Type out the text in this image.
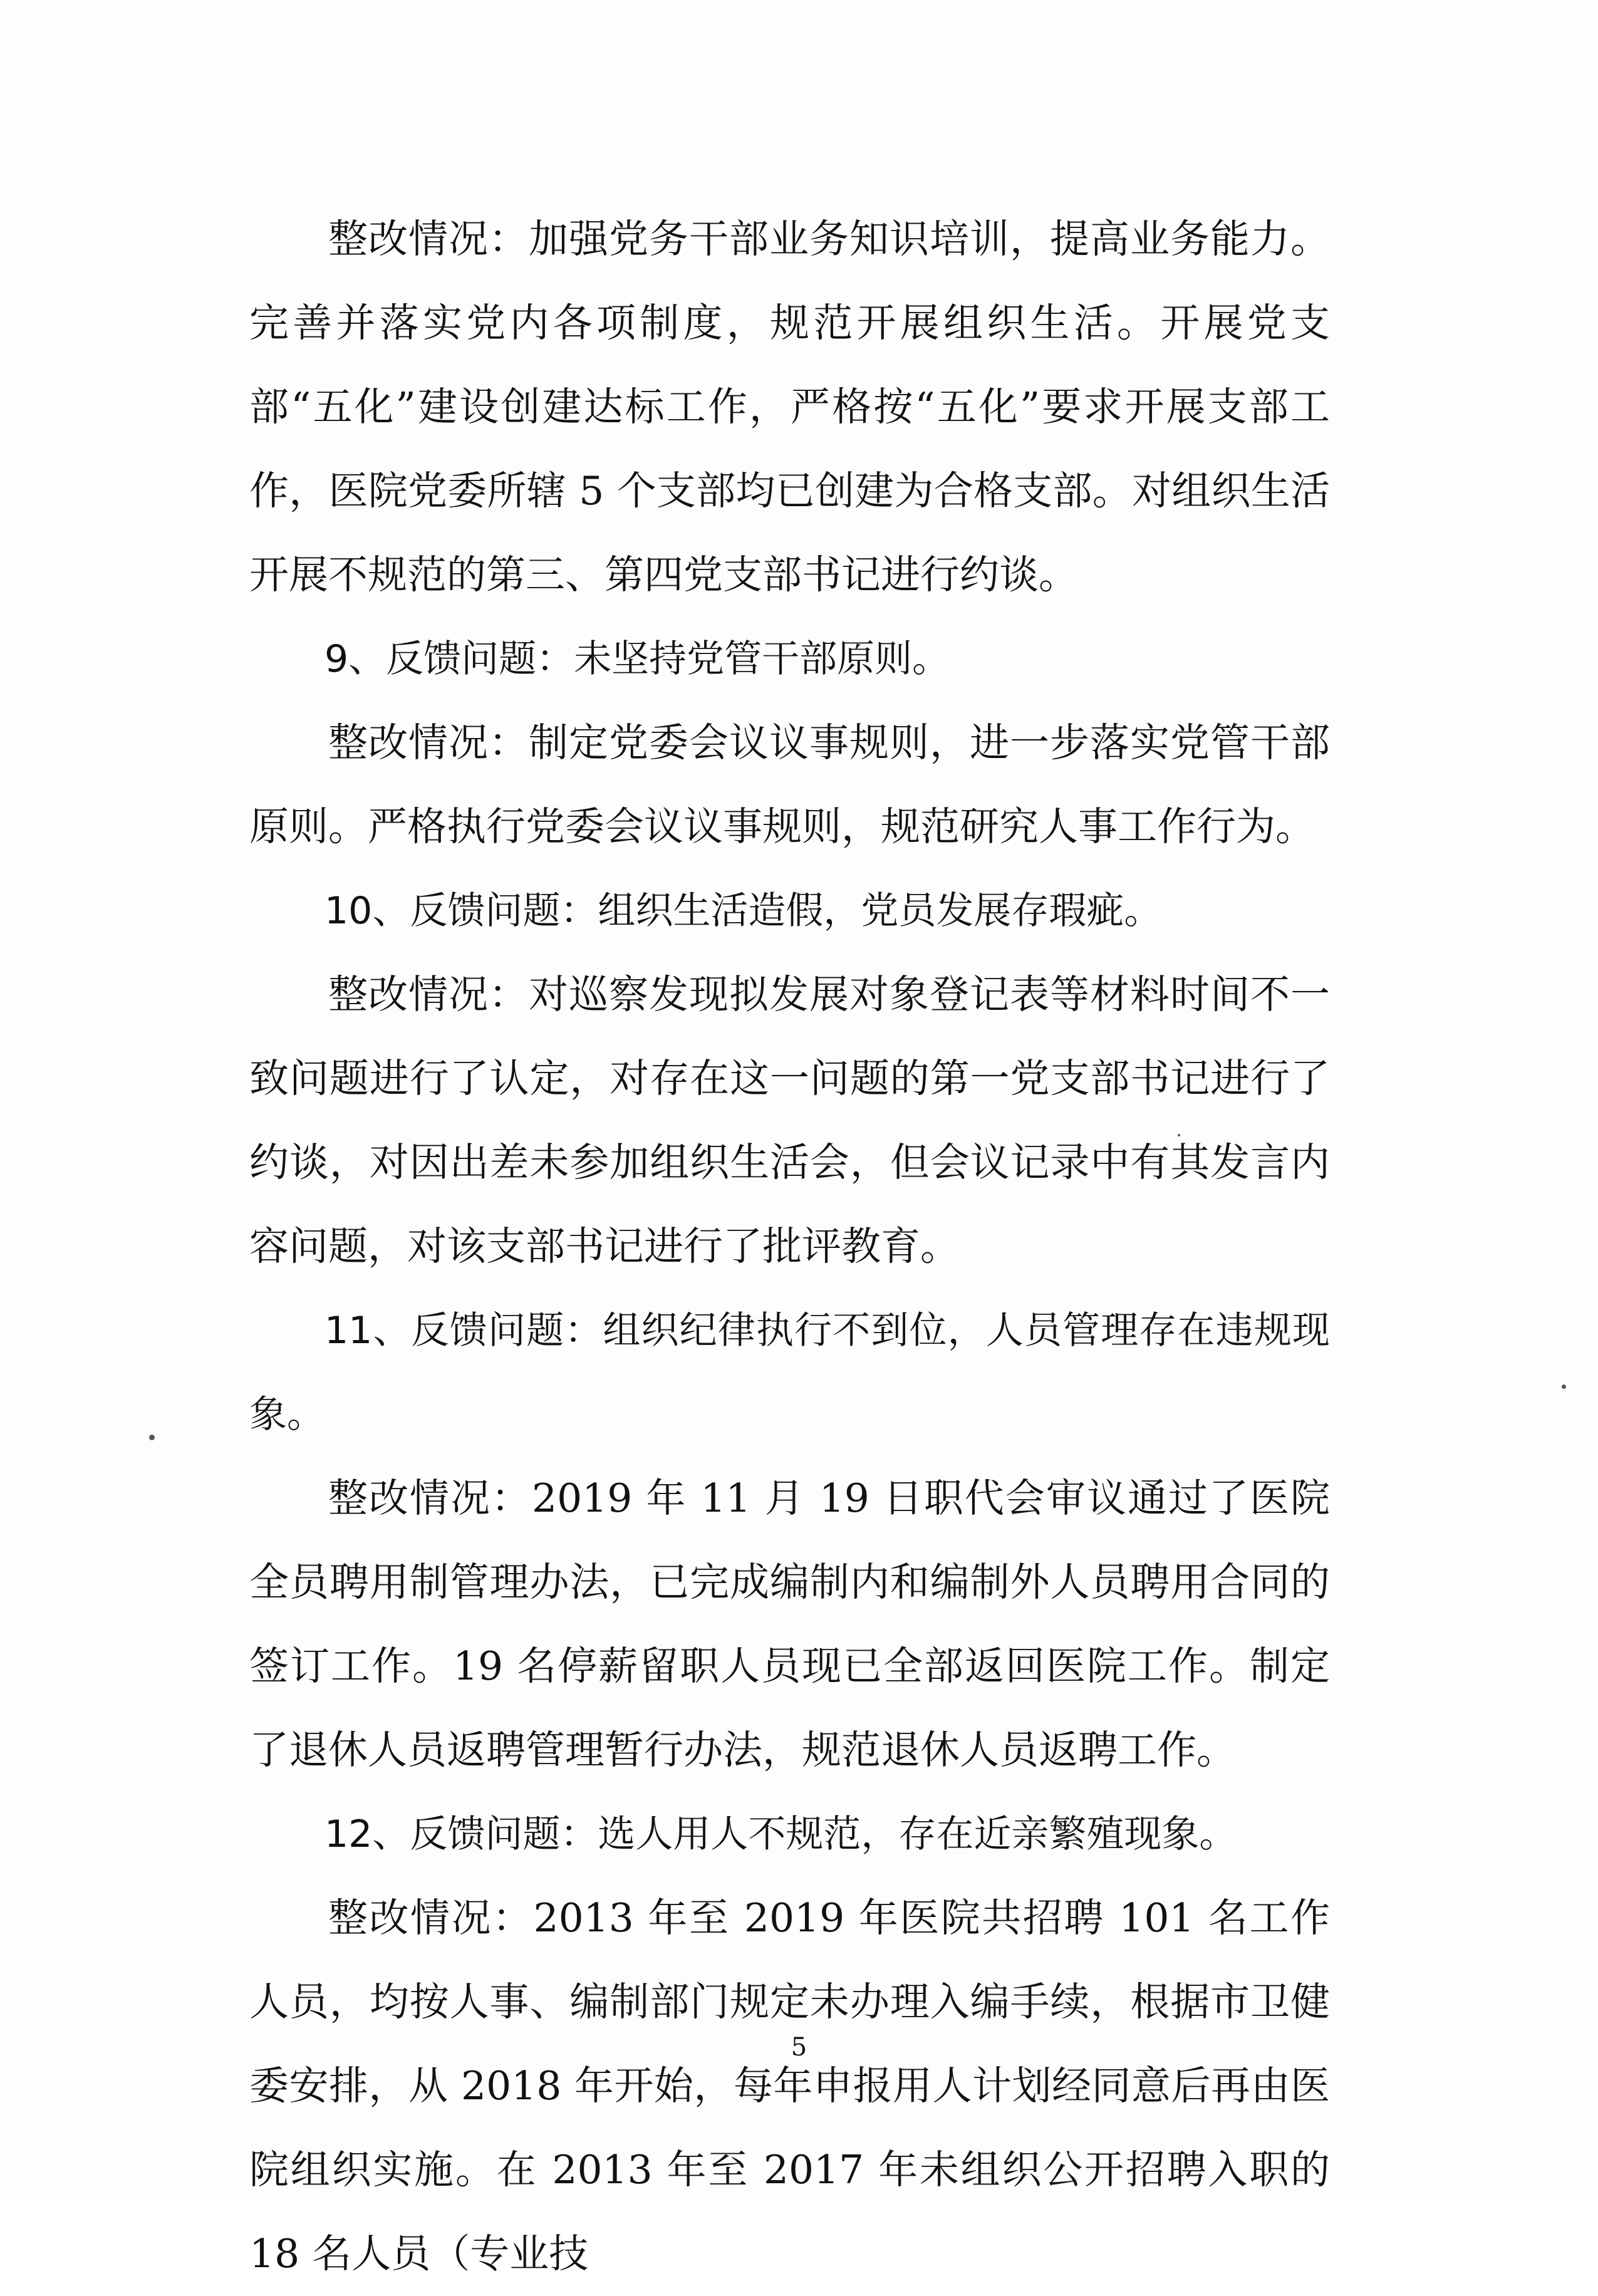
整改情况：加强党务干部业务知识培训，提高业务能力。完善并落实党内各项制度，规范开展组织生活。开展党支部“五化”建设创建达标工作，严格按“五化”要求开展支部工作，医院党委所辖 5 个支部均已创建为合格支部。对组织生活开展不规范的第三、第四党支部书记进行约谈。

9、反馈问题：未坚持党管干部原则。

整改情况：制定党委会议议事规则，进一步落实党管干部原则。严格执行党委会议议事规则，规范研究人事工作行为。

10、反馈问题：组织生活造假，党员发展存瑕疵。

整改情况：对巡察发现拟发展对象登记表等材料时间不一致问题进行了认定，对存在这一问题的第一党支部书记进行了约谈，对因出差未参加组织生活会，但会议记录中有其发言内容问题，对该支部书记进行了批评教育。

11、反馈问题：组织纪律执行不到位，人员管理存在违规现象。

整改情况：2019 年 11 月 19 日职代会审议通过了医院全员聘用制管理办法，已完成编制内和编制外人员聘用合同的签订工作。19 名停薪留职人员现已全部返回医院工作。制定了退休人员返聘管理暂行办法，规范退休人员返聘工作。

12、反馈问题：选人用人不规范，存在近亲繁殖现象。

整改情况：2013 年至 2019 年医院共招聘 101 名工作人员，均按人事、编制部门规定未办理入编手续，根据市卫健委安排，从 2018 年开始，每年申报用人计划经同意后再由医院组织实施。在 2013 年至 2017 年未组织公开招聘入职的 18 名人员（专业技

5
